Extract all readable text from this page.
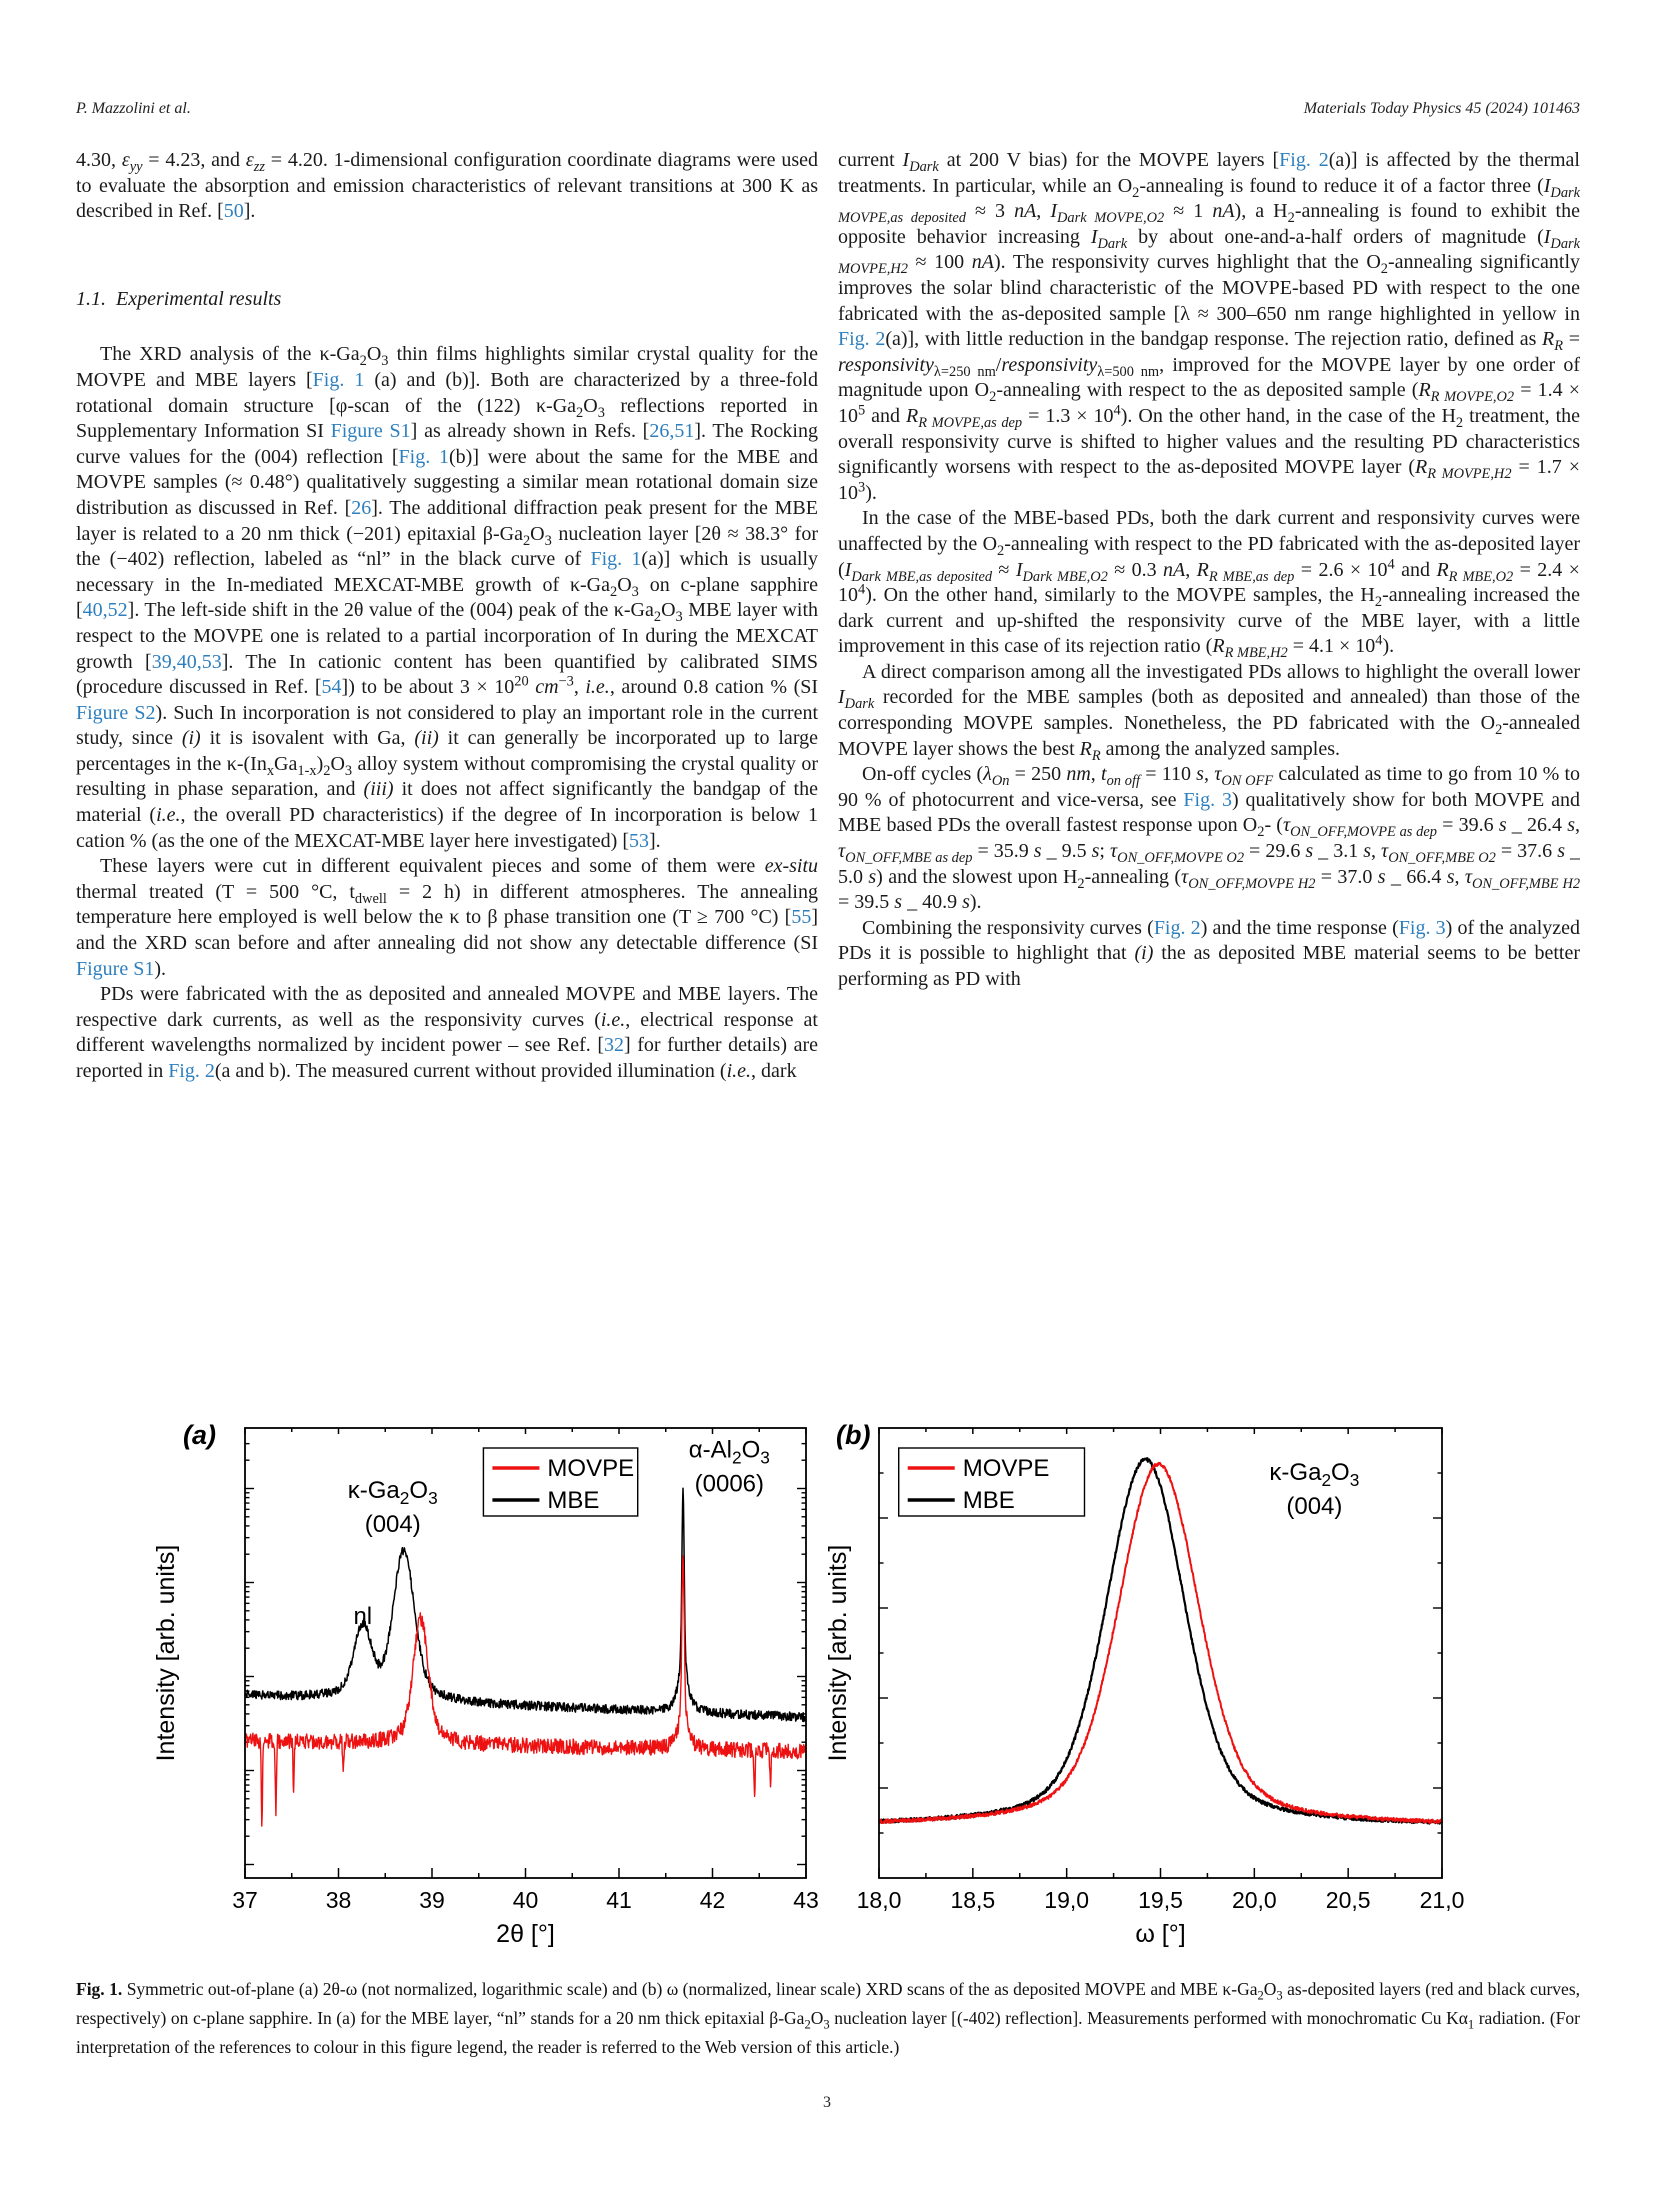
P. Mazzolini et al.	Materials Today Physics 45 (2024) 101463

4.30, $\varepsilon_{yy} = 4.23$, and $\varepsilon_{zz} = 4.20$. 1-dimensional configuration coordinate diagrams were used to evaluate the absorption and emission characteristics of relevant transitions at 300 K as described in Ref. [50].

1.1. Experimental results

The XRD analysis of the $\kappa-Ga_2O_3$ thin films highlights similar crystal quality for the MOVPE and MBE layers [Fig. 1 (a) and (b)]. Both are characterized by a three-fold rotational domain structure [φ-scan of the (122) $\kappa-Ga_2O_3$ reflections reported in Supplementary Information SI Figure S1] as already shown in Refs. [26,51]. The Rocking curve values for the (004) reflection [Fig. 1(b)] were about the same for the MBE and MOVPE samples (≈ 0.48°) qualitatively suggesting a similar mean rotational domain size distribution as discussed in Ref. [26]. The additional diffraction peak present for the MBE layer is related to a 20 nm thick (−201) epitaxial $\beta-Ga_2O_3$ nucleation layer [2θ ≈ 38.3° for the (−402) reflection, labeled as “nl” in the black curve of Fig. 1(a)] which is usually necessary in the In-mediated MEXCAT-MBE growth of $\kappa-Ga_2O_3$ on c-plane sapphire [40,52]. The left-side shift in the 2θ value of the (004) peak of the $\kappa-Ga_2O_3$ MBE layer with respect to the MOVPE one is related to a partial incorporation of In during the MEXCAT growth [39,40,53]. The In cationic content has been quantified by calibrated SIMS (procedure discussed in Ref. [54]) to be about $3 \times 10^{20}$ $cm^{-3}$, i.e., around 0.8 cation % (SI Figure S2). Such In incorporation is not considered to play an important role in the current study, since (i) it is isovalent with Ga, (ii) it can generally be incorporated up to large percentages in the $\kappa-(In_xGa_{1-x})_2O_3$ alloy system without compromising the crystal quality or resulting in phase separation, and (iii) it does not affect significantly the bandgap of the material (i.e., the overall PD characteristics) if the degree of In incorporation is below 1 cation % (as the one of the MEXCAT-MBE layer here investigated) [53].

These layers were cut in different equivalent pieces and some of them were ex-situ thermal treated (T = 500 °C, $t_{dwell} = 2$ h) in different atmospheres. The annealing temperature here employed is well below the κ to β phase transition one (T ≥ 700 °C) [55] and the XRD scan before and after annealing did not show any detectable difference (SI Figure S1).

PDs were fabricated with the as deposited and annealed MOVPE and MBE layers. The respective dark currents, as well as the responsivity curves (i.e., electrical response at different wavelengths normalized by incident power – see Ref. [32] for further details) are reported in Fig. 2(a and b). The measured current without provided illumination (i.e., dark

current $I_{Dark}$ at 200 V bias) for the MOVPE layers [Fig. 2(a)] is affected by the thermal treatments. In particular, while an $O_2$-annealing is found to reduce it of a factor three ($I_{Dark MOVPE,as deposited} \approx 3$ nA, $I_{Dark MOVPE,O2} \approx 1$ nA), a $H_2$-annealing is found to exhibit the opposite behavior increasing $I_{Dark}$ by about one-and-a-half orders of magnitude ($I_{Dark MOVPE,H2} \approx 100$ nA). The responsivity curves highlight that the $O_2$-annealing significantly improves the solar blind characteristic of the MOVPE-based PD with respect to the one fabricated with the as-deposited sample [λ ≈ 300–650 nm range highlighted in yellow in Fig. 2(a)], with little reduction in the bandgap response. The rejection ratio, defined as $R_R$ = responsivity$_{\lambda=250 nm}$/responsivity$_{\lambda=500 nm}$, improved for the MOVPE layer by one order of magnitude upon $O_2$-annealing with respect to the as deposited sample ($R_{R MOVPE,O2} = 1.4 \times 10^5$ and $R_{R MOVPE,as dep} = 1.3 \times 10^4$). On the other hand, in the case of the $H_2$ treatment, the overall responsivity curve is shifted to higher values and the resulting PD characteristics significantly worsens with respect to the as-deposited MOVPE layer $(R_{R MOVPE,H2} = 1.7 \times 10^3)$.

In the case of the MBE-based PDs, both the dark current and responsivity curves were unaffected by the $O_2$-annealing with respect to the PD fabricated with the as-deposited layer ($I_{Dark MBE,as deposited} \approx I_{Dark MBE,O2} \approx 0.3$ nA, $R_{R MBE,as dep} = 2.6 \times 10^4$ and $R_{R MBE,O2} = 2.4 \times 10^4$). On the other hand, similarly to the MOVPE samples, the $H_2$-annealing increased the dark current and up-shifted the responsivity curve of the MBE layer, with a little improvement in this case of its rejection ratio $(R_{R MBE,H2} = 4.1 \times 10^4)$.

A direct comparison among all the investigated PDs allows to highlight the overall lower $I_{Dark}$ recorded for the MBE samples (both as deposited and annealed) than those of the corresponding MOVPE samples. Nonetheless, the PD fabricated with the $O_2$-annealed MOVPE layer shows the best $R_R$ among the analyzed samples.

On-off cycles ($\lambda_{On} = 250$ nm, $t_{on off} = 110$ s, $\tau_{ON OFF}$ calculated as time to go from 10 % to 90 % of photocurrent and vice-versa, see Fig. 3) qualitatively show for both MOVPE and MBE based PDs the overall fastest response upon $O_2-$ ($\tau_{ON\_OFF,MOVPE as dep} = 39.6$ s _ 26.4 s, $\tau_{ON\_OFF,MBE as dep} = 35.9$ s _ 9.5 s; $\tau_{ON\_OFF,MOVPE O2} = 29.6$ s _ 3.1 s, $\tau_{ON\_OFF,MBE O2} = 37.6$ s _ 5.0 s) and the slowest upon $H_2$-annealing ($\tau_{ON\_OFF,MOVPE H2} = 37.0$ s _ 66.4 s, $\tau_{ON\_OFF,MBE H2} = 39.5$ s _ 40.9 s).

Combining the responsivity curves (Fig. 2) and the time response (Fig. 3) of the analyzed PDs it is possible to highlight that (i) the as deposited MBE material seems to be better performing as PD with

(a)	(b)
MOVPE
MBE
$\kappa-Ga_2O_3$
(004)
nl
$\alpha-Al_2O_3$
(0006)
37	38	39	40	41	42	43
2θ [°]
Intensity [arb. units]
MOVPE
MBE
$\kappa-Ga_2O_3$
(004)
18,0 18,5 19,0 19,5 20,0 20,5 21,0
ω [°]
Intensity [arb. units]
Fig. 1. Symmetric out-of-plane (a) 2θ-ω (not normalized, logarithmic scale) and (b) ω (normalized, linear scale) XRD scans of the as deposited MOVPE and MBE $\kappa-Ga_2O_3$ as-deposited layers (red and black curves, respectively) on c-plane sapphire. In (a) for the MBE layer, “nl” stands for a 20 nm thick epitaxial $\beta-Ga_2O_3$ nucleation layer [(-402) reflection]. Measurements performed with monochromatic Cu $K\alpha_1$ radiation. (For interpretation of the references to colour in this figure legend, the reader is referred to the Web version of this article.)
3
